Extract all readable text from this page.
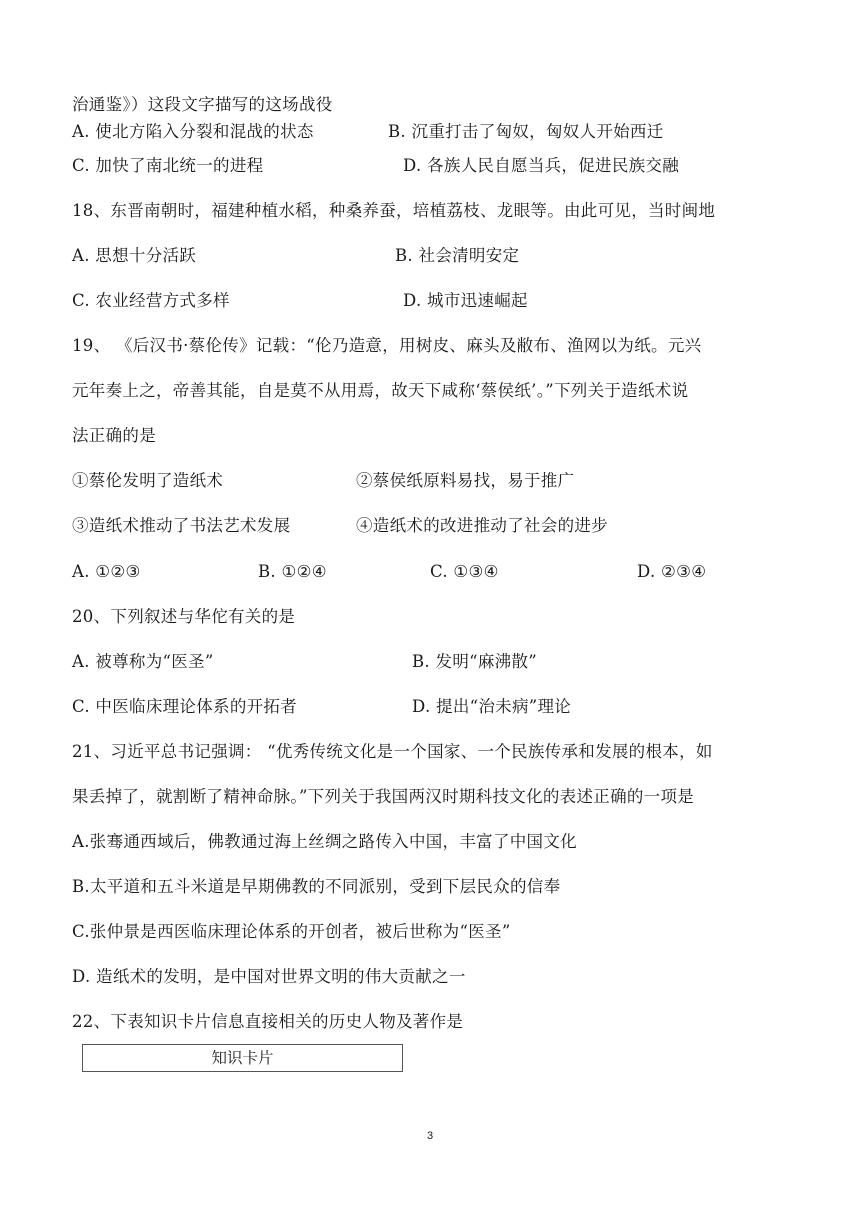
治通鉴》）这段文字描写的这场战役
A. 使北方陷入分裂和混战的状态	B. 沉重打击了匈奴，匈奴人开始西迁
C. 加快了南北统一的进程	D. 各族人民自愿当兵，促进民族交融
18、东晋南朝时，福建种植水稻，种桑养蚕，培植荔枝、龙眼等。由此可见，当时闽地
A. 思想十分活跃	B. 社会清明安定
C. 农业经营方式多样	D. 城市迅速崛起
19、 《后汉书·蔡伦传》记载：“伦乃造意，用树皮、麻头及敝布、渔网以为纸。元兴
元年奏上之，帝善其能，自是莫不从用焉，故天下咸称‘蔡侯纸’。”下列关于造纸术说
法正确的是
①蔡伦发明了造纸术	②蔡侯纸原料易找，易于推广
③造纸术推动了书法艺术发展	④造纸术的改进推动了社会的进步
A. ①②③	B. ①②④	C. ①③④	D. ②③④
20、下列叙述与华佗有关的是
A. 被尊称为“医圣”	B. 发明“麻沸散”
C. 中医临床理论体系的开拓者	D. 提出“治未病”理论
21、习近平总书记强调： “优秀传统文化是一个国家、一个民族传承和发展的根本，如
果丢掉了，就割断了精神命脉。”下列关于我国两汉时期科技文化的表述正确的一项是
A.张骞通西域后，佛教通过海上丝绸之路传入中国，丰富了中国文化
B.太平道和五斗米道是早期佛教的不同派别，受到下层民众的信奉
C.张仲景是西医临床理论体系的开创者，被后世称为“医圣”
D. 造纸术的发明，是中国对世界文明的伟大贡献之一
22、下表知识卡片信息直接相关的历史人物及著作是
知识卡片
3
